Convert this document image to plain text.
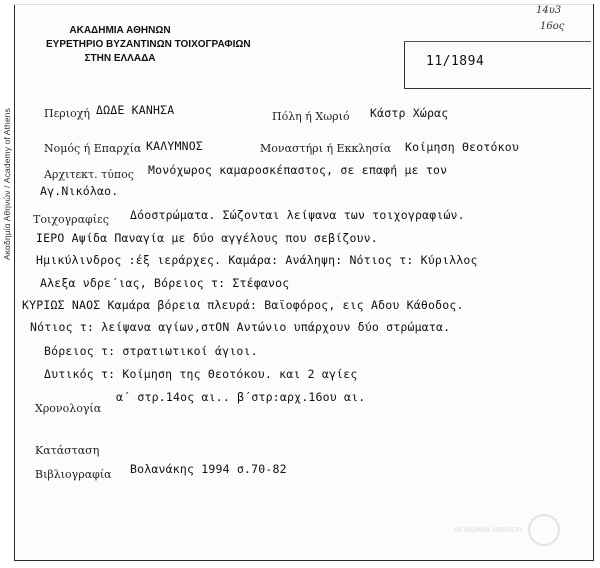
Ακαδημία Αθηνών / Academy of Athens
ΑΚΑΔΗΜΙΑ ΑΘΗΝΩΝ
ΕΥΡΕΤΗΡΙΟ ΒΥΖΑΝΤΙΝΩΝ ΤΟΙΧΟΓΡΑΦΙΩΝ
ΣΤΗΝ ΕΛΛΑΔΑ
14υ3
16ος
11/1894
Περιοχή ΔΩΔΕ ΚΑΝΗΣΑ	Πόλη ή Χωριό Κάστρ Χώρας
Νομός ή Επαρχία ΚΑΛΥΜΝΟΣ	Μοναστήρι ή Εκκλησία Κοίμηση Θεοτόκου
Αρχιτεκτ. τύπος Μονόχωρος καμαροσκέπαστος, σε επαφή με τον
Αγ.Νικόλαο.
Τοιχογραφίες Δόοστρώματα. Σώζονται λείψανα των τοιχογραφιών.
ΙΕΡΟ Αψίδα Παναγία με δύο αγγέλους που σεβίζουν.
Ημικύλινδρος :έξ ιεράρχες. Καμάρα: Ανάληψη: Νότιος τ: Κύριλλος
Αλεξα νδρε΄ιας, Βόρειος τ: Στέφανος
ΚΥΡΙΩΣ ΝΑΟΣ Καμάρα βόρεια πλευρά: Βαϊοφόρος, εις Αδου Κάθοδος.
Νότιος τ: λείψανα αγίων,στΟΝ Αντώνιο υπάρχουν δύο στρώματα.
Βόρειος τ: στρατιωτικοί άγιοι.
Δυτικός τ: Κοίμηση της Θεοτόκου. και 2 αγίες
Χρονολογία
α΄ στρ.14ος αι.. β΄στρ:αρχ.16ου αι.
Κατάσταση
Βιβλιογραφία Βολανάκης 1994 σ.70-82
ΑΚΑΔΗΜΙΑ ΑΘΗΝΩΝ
